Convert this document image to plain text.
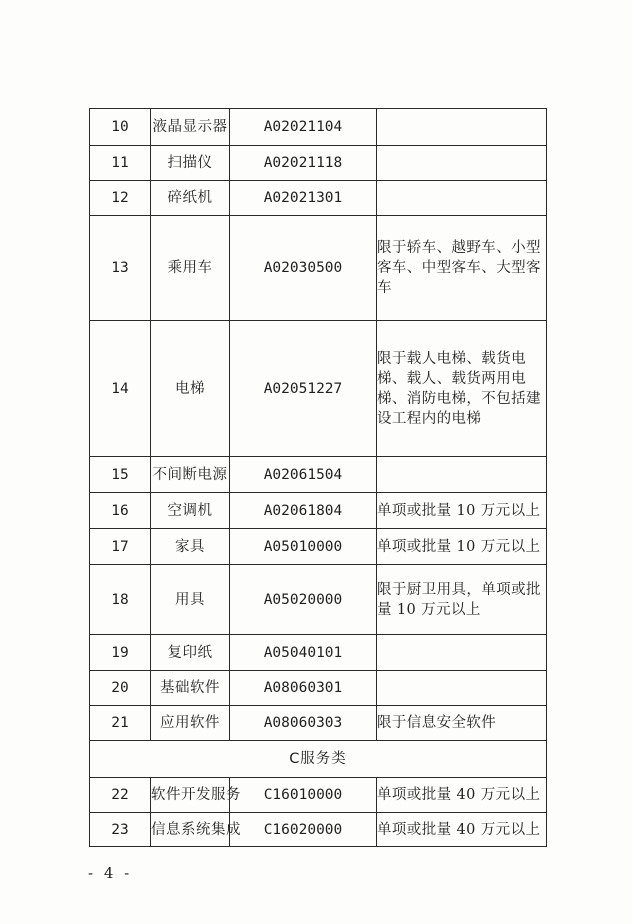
10	液晶显示器	A02021104	
11	扫描仪	A02021118	
12	碎纸机	A02021301	
13	乘用车	A02030500	限于轿车、越野车、小型客车、中型客车、大型客车
14	电梯	A02051227	限于载人电梯、载货电梯、载人、载货两用电梯、消防电梯，不包括建设工程内的电梯
15	不间断电源	A02061504	
16	空调机	A02061804	单项或批量 10 万元以上
17	家具	A05010000	单项或批量 10 万元以上
18	用具	A05020000	限于厨卫用具，单项或批量 10 万元以上
19	复印纸	A05040101	
20	基础软件	A08060301	
21	应用软件	A08060303	限于信息安全软件
C服务类			
22	软件开发服务	C16010000	单项或批量 40 万元以上
23	信息系统集成	C16020000	单项或批量 40 万元以上
- 4 -
